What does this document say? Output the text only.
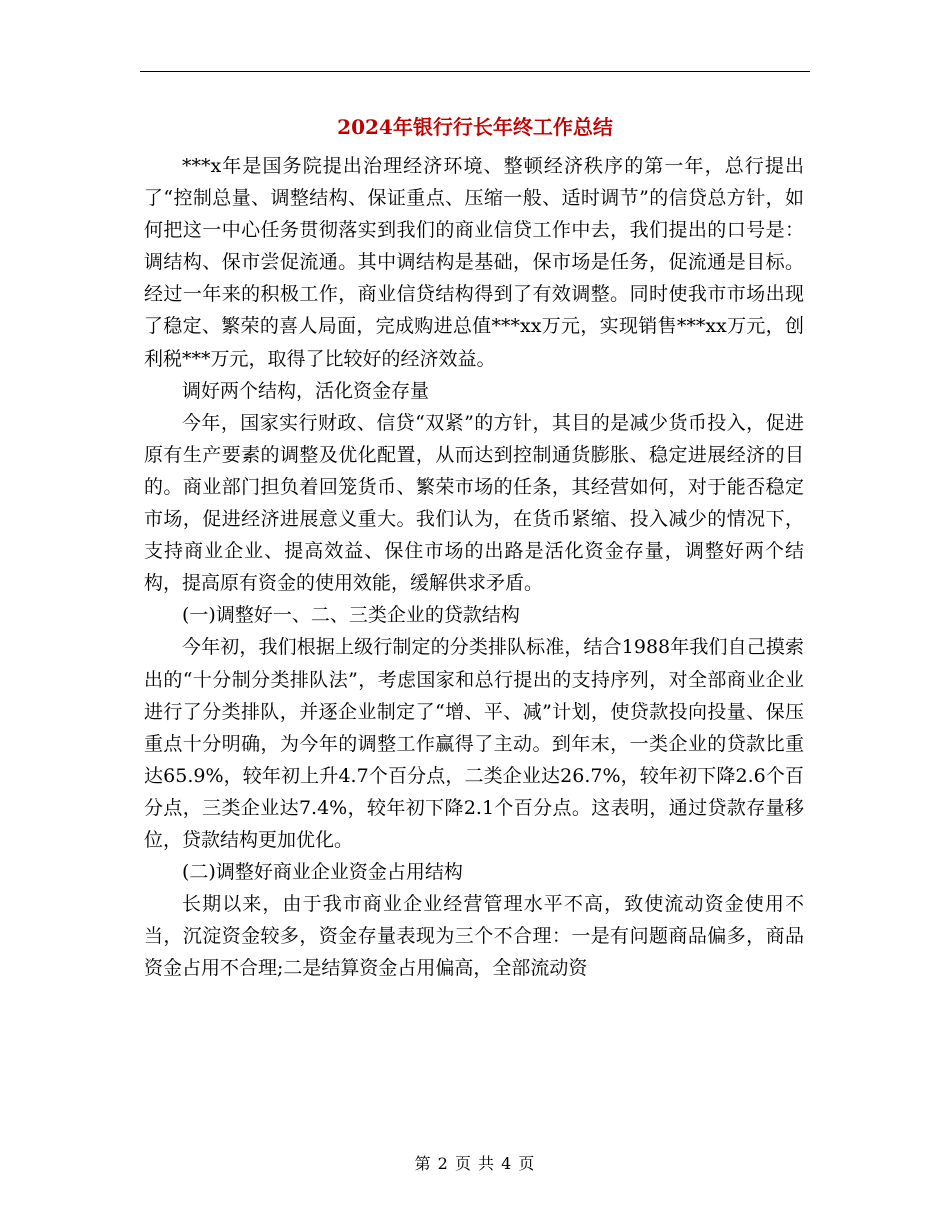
2024年银行行长年终工作总结

***x年是国务院提出治理经济环境、整顿经济秩序的第一年，总行提出了“控制总量、调整结构、保证重点、压缩一般、适时调节”的信贷总方针，如何把这一中心任务贯彻落实到我们的商业信贷工作中去，我们提出的口号是：调结构、保市尝促流通。其中调结构是基础，保市场是任务，促流通是目标。经过一年来的积极工作，商业信贷结构得到了有效调整。同时使我市市场出现了稳定、繁荣的喜人局面，完成购进总值***xx万元，实现销售***xx万元，创利税***万元，取得了比较好的经济效益。

调好两个结构，活化资金存量

今年，国家实行财政、信贷“双紧”的方针，其目的是减少货币投入，促进原有生产要素的调整及优化配置，从而达到控制通货膨胀、稳定进展经济的目的。商业部门担负着回笼货币、繁荣市场的任条，其经营如何，对于能否稳定市场，促进经济进展意义重大。我们认为，在货币紧缩、投入减少的情况下，支持商业企业、提高效益、保住市场的出路是活化资金存量，调整好两个结构，提高原有资金的使用效能，缓解供求矛盾。

(一)调整好一、二、三类企业的贷款结构

今年初，我们根据上级行制定的分类排队标准，结合1988年我们自己摸索出的“十分制分类排队法”，考虑国家和总行提出的支持序列，对全部商业企业进行了分类排队，并逐企业制定了“增、平、减”计划，使贷款投向投量、保压重点十分明确，为今年的调整工作赢得了主动。到年末，一类企业的贷款比重达65.9%，较年初上升4.7个百分点，二类企业达26.7%，较年初下降2.6个百分点，三类企业达7.4%，较年初下降2.1个百分点。这表明，通过贷款存量移位，贷款结构更加优化。

(二)调整好商业企业资金占用结构

长期以来，由于我市商业企业经营管理水平不高，致使流动资金使用不当，沉淀资金较多，资金存量表现为三个不合理：一是有问题商品偏多，商品资金占用不合理;二是结算资金占用偏高，全部流动资

第 2 页 共 4 页
